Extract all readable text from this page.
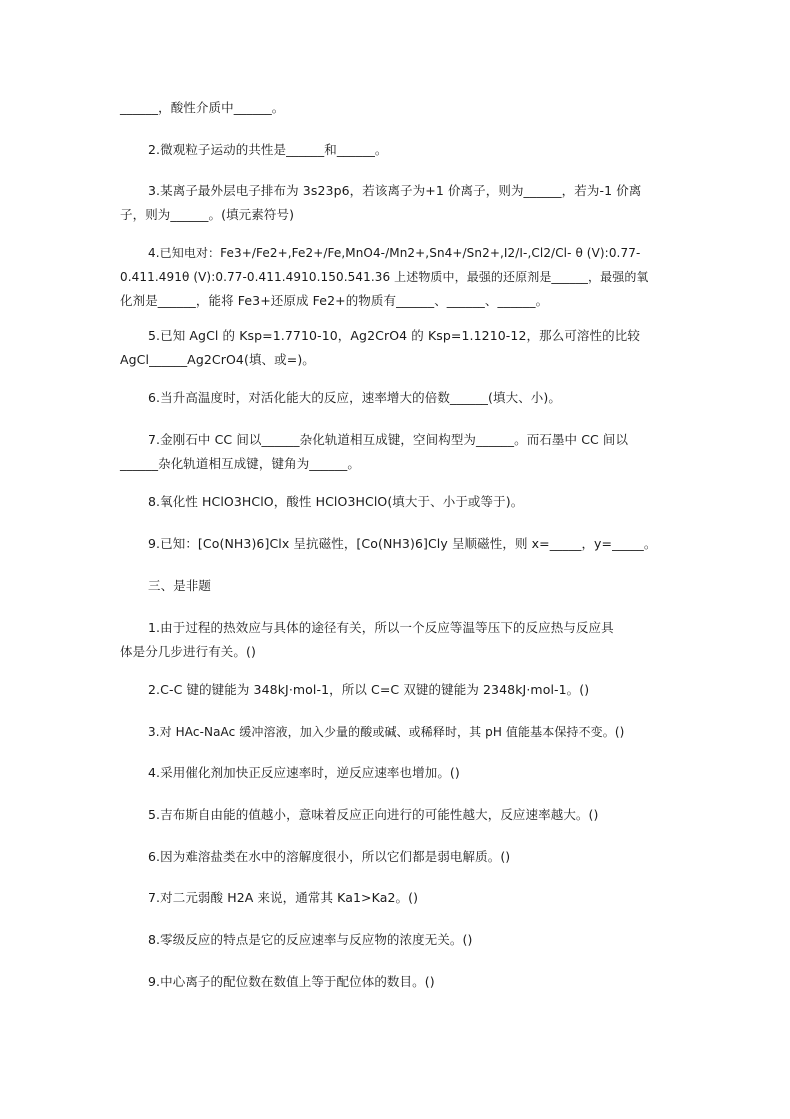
______，酸性介质中______。
2.微观粒子运动的共性是______和______。
3.某离子最外层电子排布为 3s23p6，若该离子为+1 价离子，则为______，若为-1 价离
子，则为______。(填元素符号)
4.已知电对：Fe3+/Fe2+,Fe2+/Fe,MnO4-/Mn2+,Sn4+/Sn2+,I2/I-,Cl2/Cl- θ (V):0.77-
0.411.491θ (V):0.77-0.411.4910.150.541.36 上述物质中，最强的还原剂是______，最强的氧
化剂是______，能将 Fe3+还原成 Fe2+的物质有______、______、______。
5.已知 AgCl 的 Ksp=1.7710-10，Ag2CrO4 的 Ksp=1.1210-12，那么可溶性的比较
AgCl______Ag2CrO4(填、或=)。
6.当升高温度时，对活化能大的反应，速率增大的倍数______(填大、小)。
7.金刚石中 CC 间以______杂化轨道相互成键，空间构型为______。而石墨中 CC 间以
______杂化轨道相互成键，键角为______。
8.氧化性 HClO3HClO，酸性 HClO3HClO(填大于、小于或等于)。
9.已知：[Co(NH3)6]Clx 呈抗磁性，[Co(NH3)6]Cly 呈顺磁性，则 x=_____，y=_____。
三、是非题
1.由于过程的热效应与具体的途径有关，所以一个反应等温等压下的反应热与反应具
体是分几步进行有关。()
2.C-C 键的键能为 348kJ·mol-1，所以 C=C 双键的键能为 2348kJ·mol-1。()
3.对 HAc-NaAc 缓冲溶液，加入少量的酸或碱、或稀释时，其 pH 值能基本保持不变。()
4.采用催化剂加快正反应速率时，逆反应速率也增加。()
5.吉布斯自由能的值越小，意味着反应正向进行的可能性越大，反应速率越大。()
6.因为难溶盐类在水中的溶解度很小，所以它们都是弱电解质。()
7.对二元弱酸 H2A 来说，通常其 Ka1>Ka2。()
8.零级反应的特点是它的反应速率与反应物的浓度无关。()
9.中心离子的配位数在数值上等于配位体的数目。()
